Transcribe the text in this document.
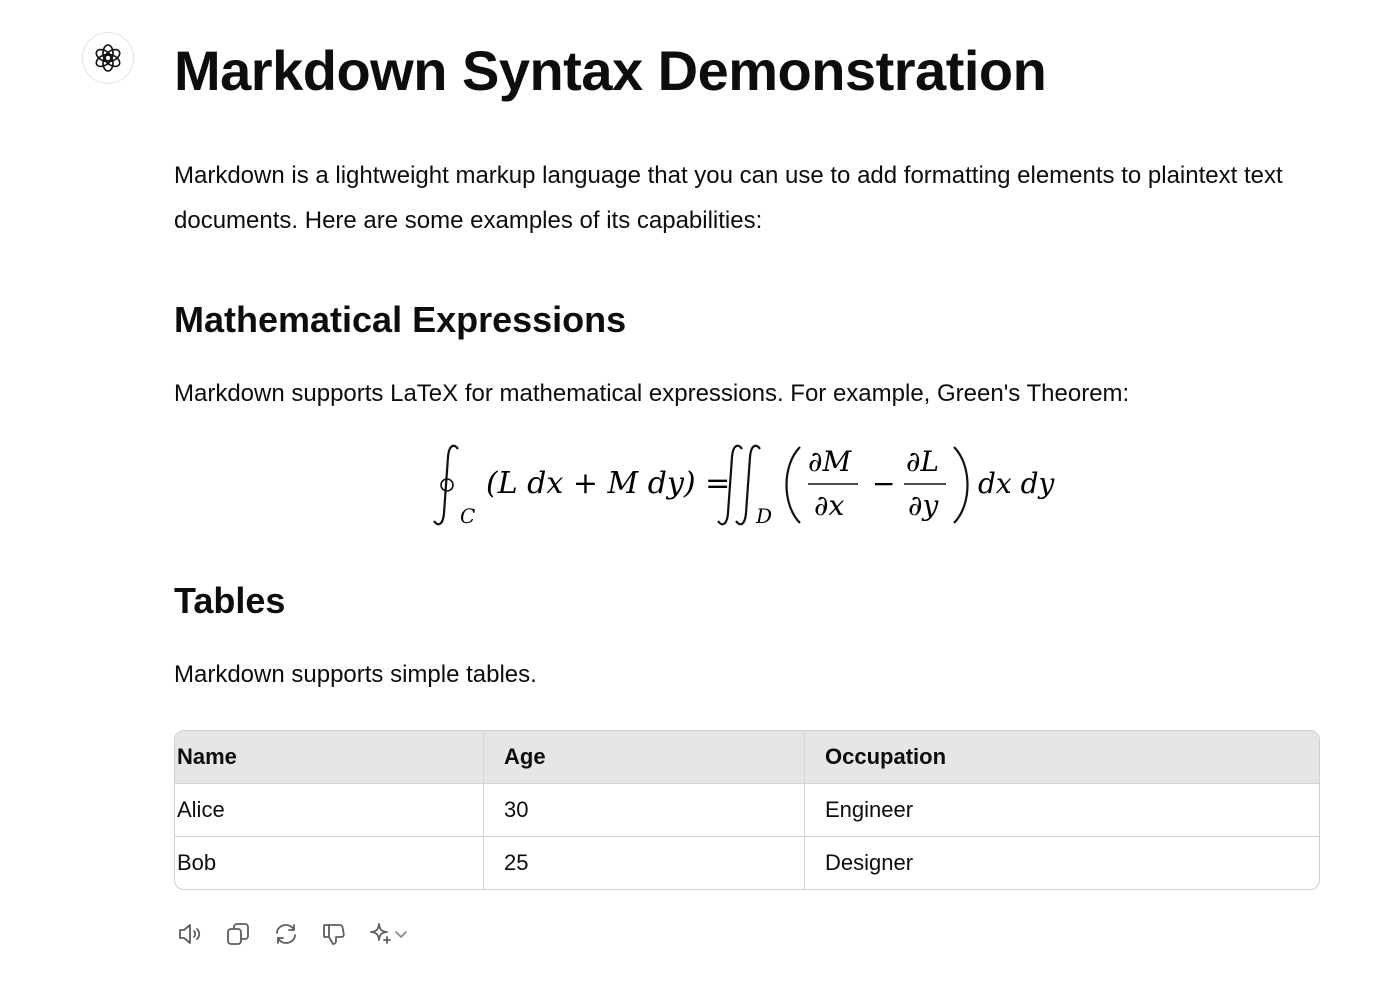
Markdown Syntax Demonstration

Markdown is a lightweight markup language that you can use to add formatting elements to plaintext text documents. Here are some examples of its capabilities:

Mathematical Expressions

Markdown supports LaTeX for mathematical expressions. For example, Green's Theorem:

C
(L dx + M dy) =
D
∂M
∂x
−
∂L
∂y
dx dy
Tables

Markdown supports simple tables.

Name	Age	Occupation
Alice	30	Engineer
Bob	25	Designer
